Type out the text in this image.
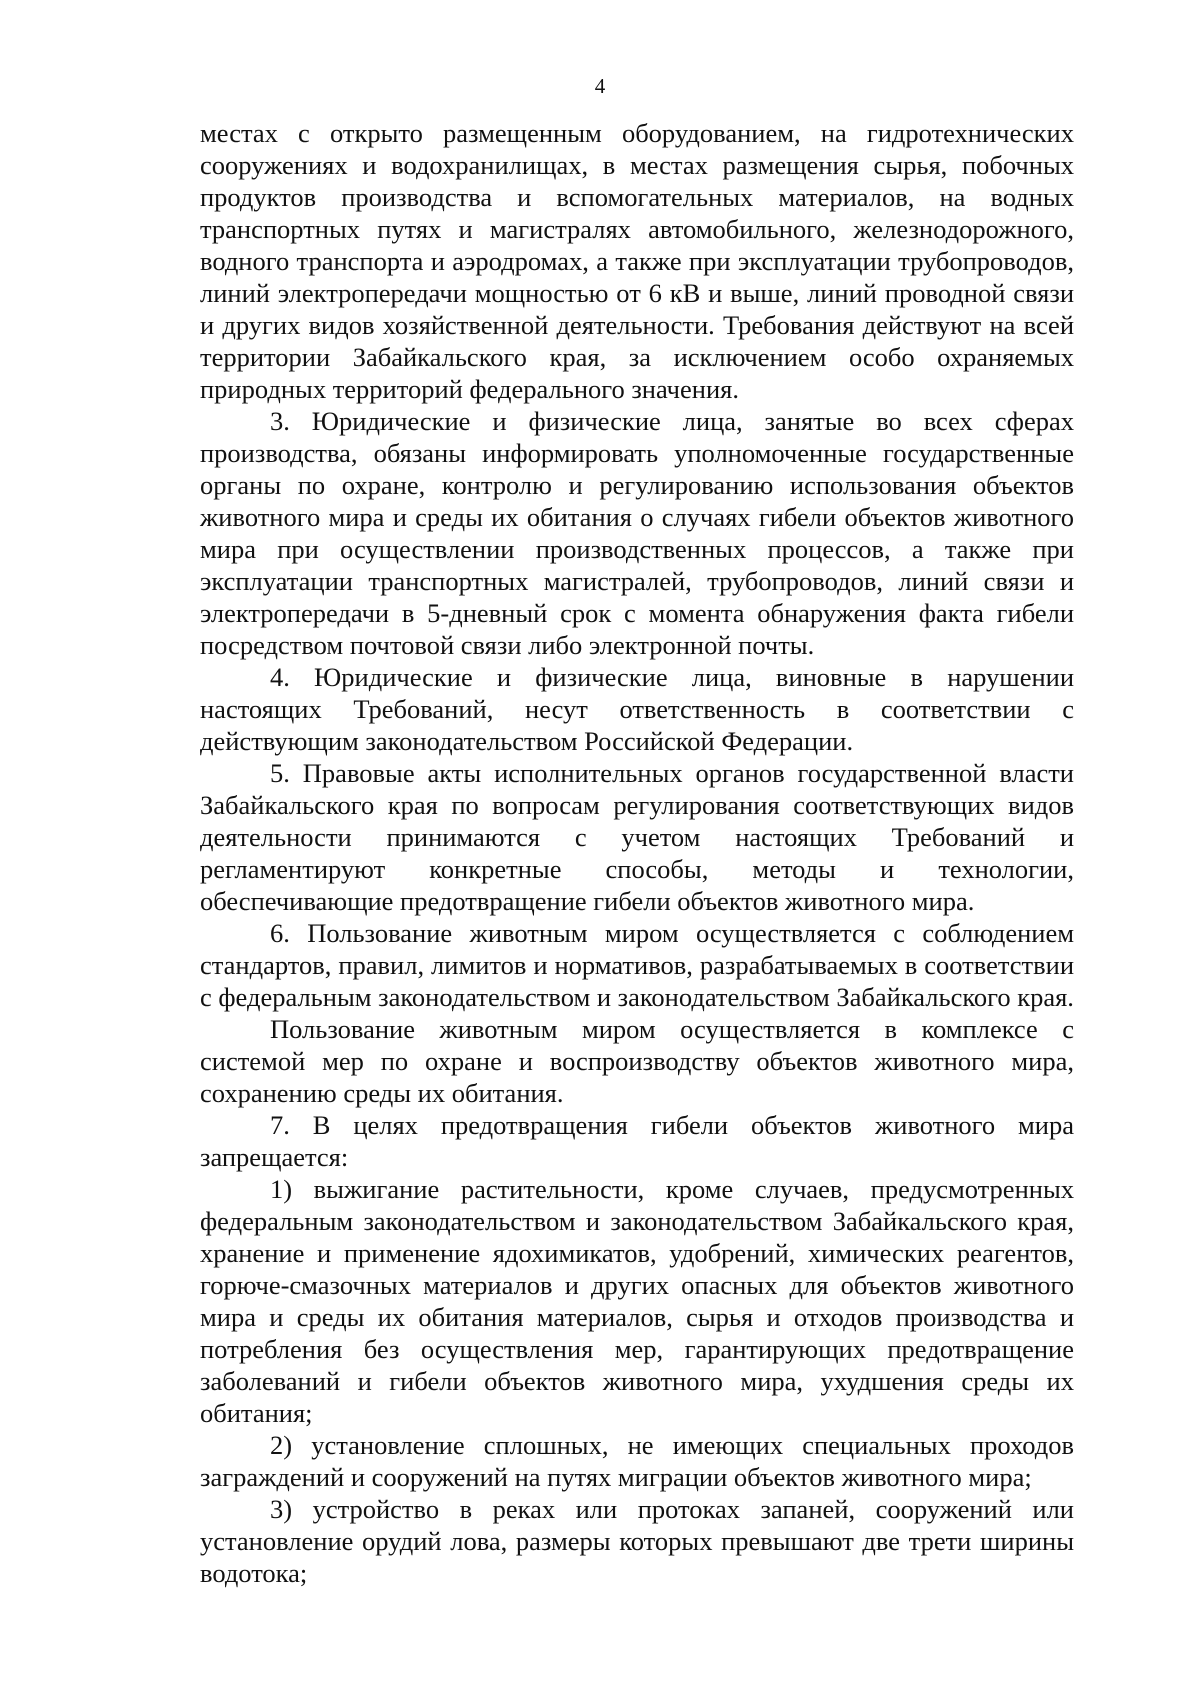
4

местах с открыто размещенным оборудованием, на гидротехнических сооружениях и водохранилищах, в местах размещения сырья, побочных продуктов производства и вспомогательных материалов, на водных транспортных путях и магистралях автомобильного, железнодорожного, водного транспорта и аэродромах, а также при эксплуатации трубопроводов, линий электропередачи мощностью от 6 кВ и выше, линий проводной связи и других видов хозяйственной деятельности. Требования действуют на всей территории Забайкальского края, за исключением особо охраняемых природных территорий федерального значения.

3. Юридические и физические лица, занятые во всех сферах производства, обязаны информировать уполномоченные государственные органы по охране, контролю и регулированию использования объектов животного мира и среды их обитания о случаях гибели объектов животного мира при осуществлении производственных процессов, а также при эксплуатации транспортных магистралей, трубопроводов, линий связи и электропередачи в 5-дневный срок с момента обнаружения факта гибели посредством почтовой связи либо электронной почты.

4. Юридические и физические лица, виновные в нарушении настоящих Требований, несут ответственность в соответствии с действующим законодательством Российской Федерации.

5. Правовые акты исполнительных органов государственной власти Забайкальского края по вопросам регулирования соответствующих видов деятельности принимаются с учетом настоящих Требований и регламентируют конкретные способы, методы и технологии, обеспечивающие предотвращение гибели объектов животного мира.

6. Пользование животным миром осуществляется с соблюдением стандартов, правил, лимитов и нормативов, разрабатываемых в соответствии с федеральным законодательством и законодательством Забайкальского края.

Пользование животным миром осуществляется в комплексе с системой мер по охране и воспроизводству объектов животного мира, сохранению среды их обитания.

7. В целях предотвращения гибели объектов животного мира запрещается:

1) выжигание растительности, кроме случаев, предусмотренных федеральным законодательством и законодательством Забайкальского края, хранение и применение ядохимикатов, удобрений, химических реагентов, горюче-смазочных материалов и других опасных для объектов животного мира и среды их обитания материалов, сырья и отходов производства и потребления без осуществления мер, гарантирующих предотвращение заболеваний и гибели объектов животного мира, ухудшения среды их обитания;

2) установление сплошных, не имеющих специальных проходов заграждений и сооружений на путях миграции объектов животного мира;

3) устройство в реках или протоках запаней, сооружений или установление орудий лова, размеры которых превышают две трети ширины водотока;
